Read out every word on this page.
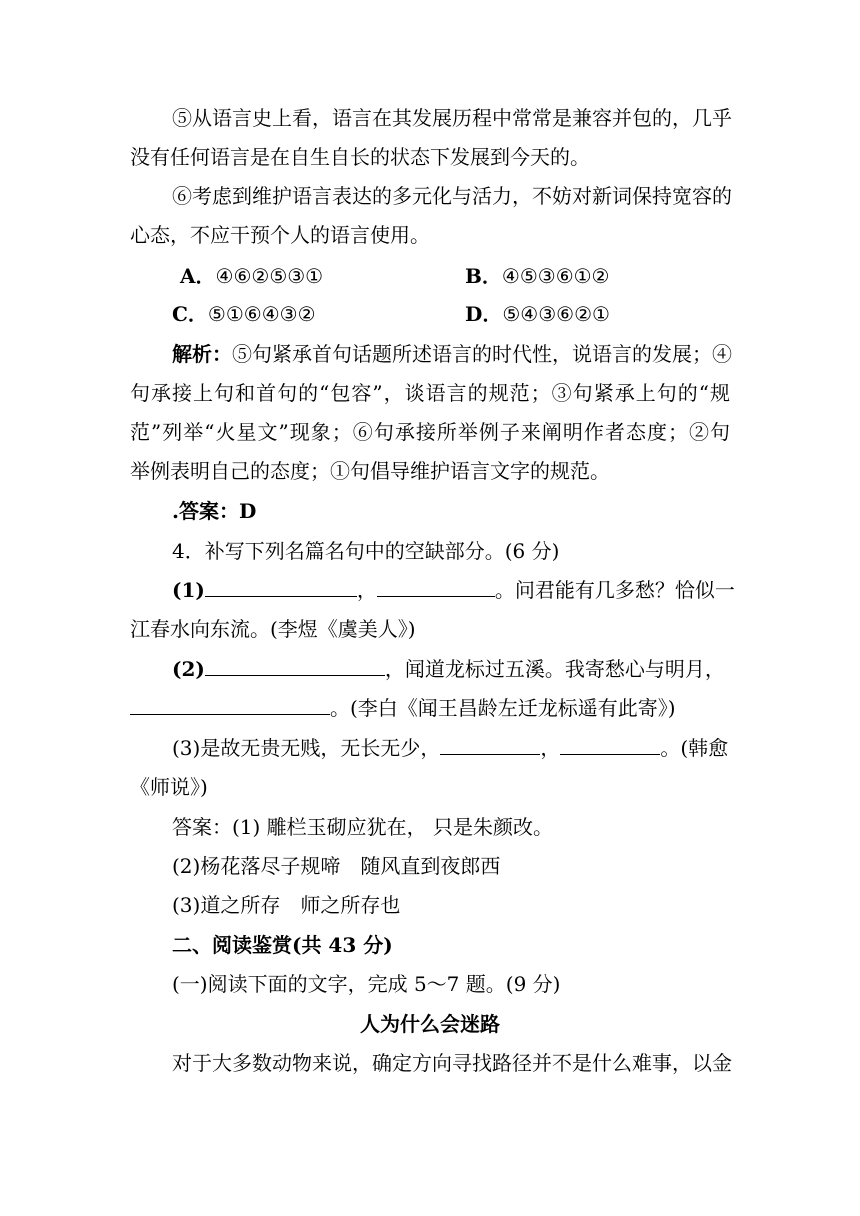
⑤从语言史上看，语言在其发展历程中常常是兼容并包的，几乎
没有任何语言是在自生自长的状态下发展到今天的。
⑥考虑到维护语言表达的多元化与活力，不妨对新词保持宽容的
心态，不应干预个人的语言使用。
A．④⑥②⑤③①	B．④⑤③⑥①②
C．⑤①⑥④③②	D．⑤④③⑥②①
解析：⑤句紧承首句话题所述语言的时代性，说语言的发展；④
句承接上句和首句的“包容”，谈语言的规范；③句紧承上句的“规
范”列举“火星文”现象；⑥句承接所举例子来阐明作者态度；②句
举例表明自己的态度；①句倡导维护语言文字的规范。
.答案：D
4．补写下列名篇名句中的空缺部分。(6 分)
(1)	，	。问君能有几多愁？恰似一
江春水向东流。(李煜《虞美人》)
(2)	，闻道龙标过五溪。我寄愁心与明月，
。(李白《闻王昌龄左迁龙标遥有此寄》)
(3)是故无贵无贱，无长无少，	，	。(韩愈
《师说》)
答案：(1) 雕栏玉砌应犹在， 只是朱颜改。
(2)杨花落尽子规啼　随风直到夜郎西
(3)道之所存　师之所存也
二、阅读鉴赏(共 43 分)
(一)阅读下面的文字，完成 5～7 题。(9 分)
人为什么会迷路
对于大多数动物来说，确定方向寻找路径并不是什么难事，以金
